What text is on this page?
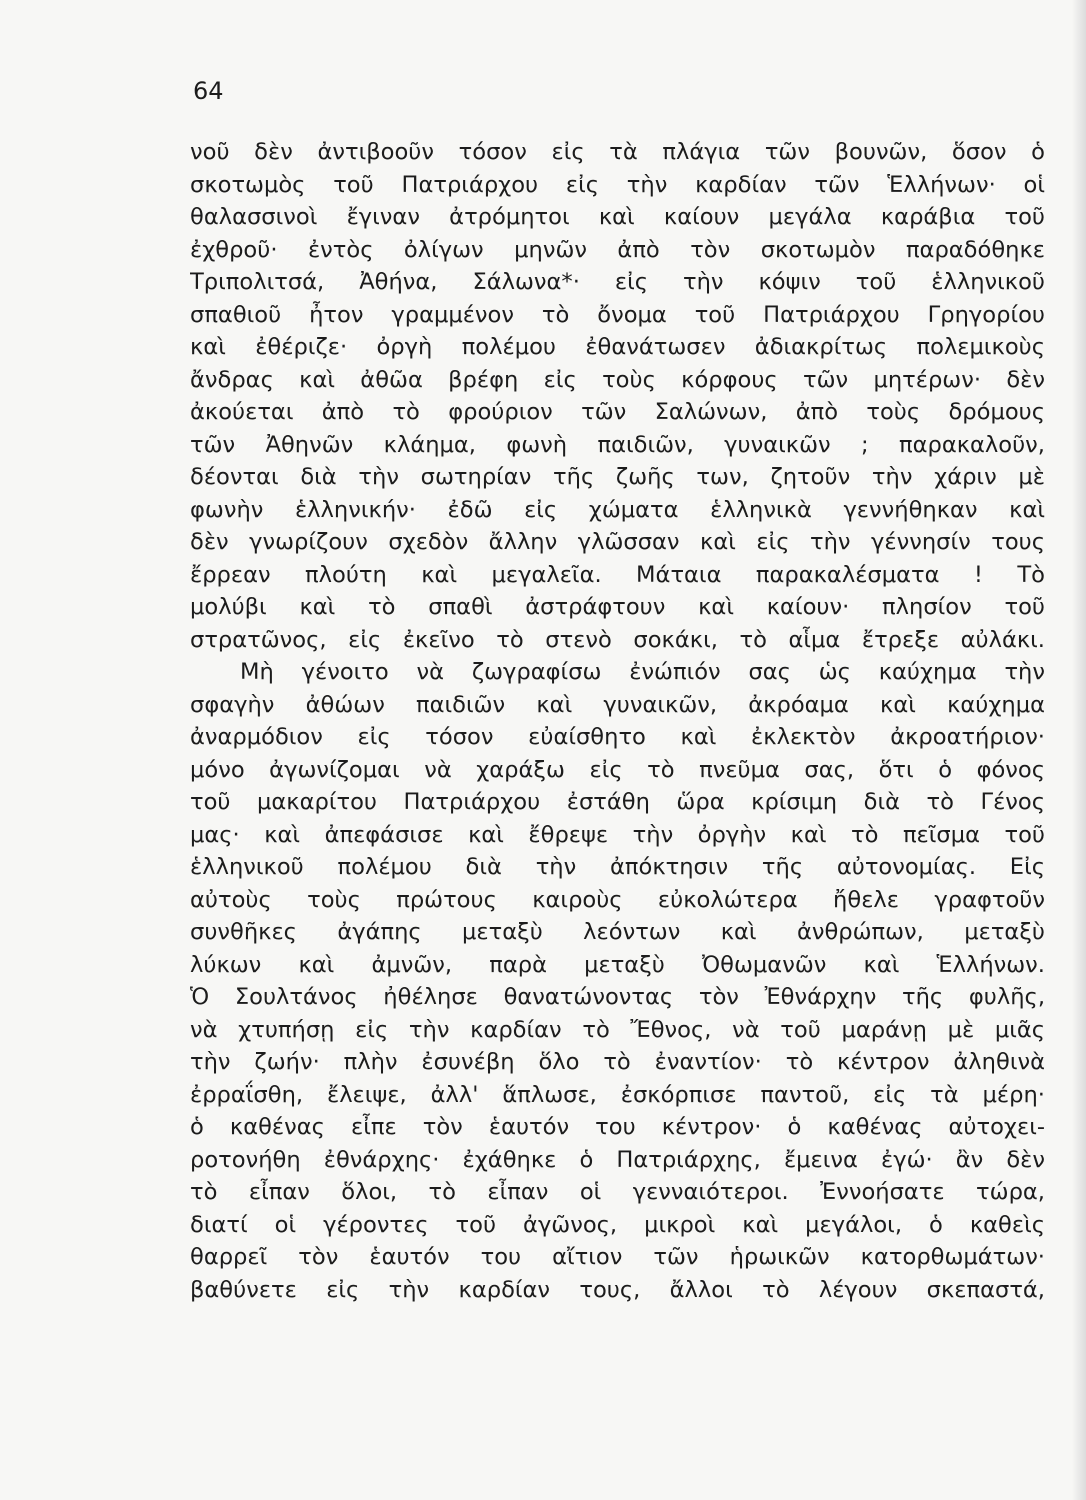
64
νοῦ δὲν ἀντιβοοῦν τόσον εἰς τὰ πλάγια τῶν βουνῶν, ὅσον ὁ
σκοτωμὸς τοῦ Πατριάρχου εἰς τὴν καρδίαν τῶν Ἑλλήνων· οἱ
θαλασσινοὶ ἔγιναν ἀτρόμητοι καὶ καίουν μεγάλα καράβια τοῦ
ἐχθροῦ· ἐντὸς ὀλίγων μηνῶν ἀπὸ τὸν σκοτωμὸν παραδόθηκε
Τριπολιτσά, Ἀθήνα, Σάλωνα*· εἰς τὴν κόψιν τοῦ ἑλληνικοῦ
σπαθιοῦ ἦτον γραμμένον τὸ ὄνομα τοῦ Πατριάρχου Γρηγορίου
καὶ ἐθέριζε· ὀργὴ πολέμου ἐθανάτωσεν ἀδιακρίτως πολεμικοὺς
ἄνδρας καὶ ἀθῶα βρέφη εἰς τοὺς κόρφους τῶν μητέρων· δὲν
ἀκούεται ἀπὸ τὸ φρούριον τῶν Σαλώνων, ἀπὸ τοὺς δρόμους
τῶν Ἀθηνῶν κλάημα, φωνὴ παιδιῶν, γυναικῶν ; παρακαλοῦν,
δέονται διὰ τὴν σωτηρίαν τῆς ζωῆς των, ζητοῦν τὴν χάριν μὲ
φωνὴν ἑλληνικήν· ἐδῶ εἰς χώματα ἑλληνικὰ γεννήθηκαν καὶ
δὲν γνωρίζουν σχεδὸν ἄλλην γλῶσσαν καὶ εἰς τὴν γέννησίν τους
ἔρρεαν πλούτη καὶ μεγαλεῖα. Μάταια παρακαλέσματα ! Τὸ
μολύβι καὶ τὸ σπαθὶ ἀστράφτουν καὶ καίουν· πλησίον τοῦ
στρατῶνος, εἰς ἐκεῖνο τὸ στενὸ σοκάκι, τὸ αἷμα ἔτρεξε αὐλάκι.
Μὴ γένοιτο νὰ ζωγραφίσω ἐνώπιόν σας ὡς καύχημα τὴν
σφαγὴν ἀθώων παιδιῶν καὶ γυναικῶν, ἀκρόαμα καὶ καύχημα
ἀναρμόδιον εἰς τόσον εὐαίσθητο καὶ ἐκλεκτὸν ἀκροατήριον·
μόνο ἀγωνίζομαι νὰ χαράξω εἰς τὸ πνεῦμα σας, ὅτι ὁ φόνος
τοῦ μακαρίτου Πατριάρχου ἐστάθη ὥρα κρίσιμη διὰ τὸ Γένος
μας· καὶ ἀπεφάσισε καὶ ἔθρεψε τὴν ὀργὴν καὶ τὸ πεῖσμα τοῦ
ἑλληνικοῦ πολέμου διὰ τὴν ἀπόκτησιν τῆς αὐτονομίας. Εἰς
αὐτοὺς τοὺς πρώτους καιροὺς εὐκολώτερα ἤθελε γραφτοῦν
συνθῆκες ἀγάπης μεταξὺ λεόντων καὶ ἀνθρώπων, μεταξὺ
λύκων καὶ ἀμνῶν, παρὰ μεταξὺ Ὀθωμανῶν καὶ Ἑλλήνων.
Ὁ Σουλτάνος ἠθέλησε θανατώνοντας τὸν Ἐθνάρχην τῆς φυλῆς,
νὰ χτυπήσῃ εἰς τὴν καρδίαν τὸ Ἔθνος, νὰ τοῦ μαράνῃ μὲ μιᾶς
τὴν ζωήν· πλὴν ἐσυνέβη ὅλο τὸ ἐναντίον· τὸ κέντρον ἀληθινὰ
ἐρραΐσθη, ἔλειψε, ἀλλ' ἅπλωσε, ἐσκόρπισε παντοῦ, εἰς τὰ μέρη·
ὁ καθένας εἶπε τὸν ἑαυτόν του κέντρον· ὁ καθένας αὐτοχει-
ροτονήθη ἐθνάρχης· ἐχάθηκε ὁ Πατριάρχης, ἔμεινα ἐγώ· ἂν δὲν
τὸ εἶπαν ὅλοι, τὸ εἶπαν οἱ γενναιότεροι. Ἐννοήσατε τώρα,
διατί οἱ γέροντες τοῦ ἀγῶνος, μικροὶ καὶ μεγάλοι, ὁ καθεὶς
θαρρεῖ τὸν ἑαυτόν του αἴτιον τῶν ἡρωικῶν κατορθωμάτων·
βαθύνετε εἰς τὴν καρδίαν τους, ἄλλοι τὸ λέγουν σκεπαστά,
